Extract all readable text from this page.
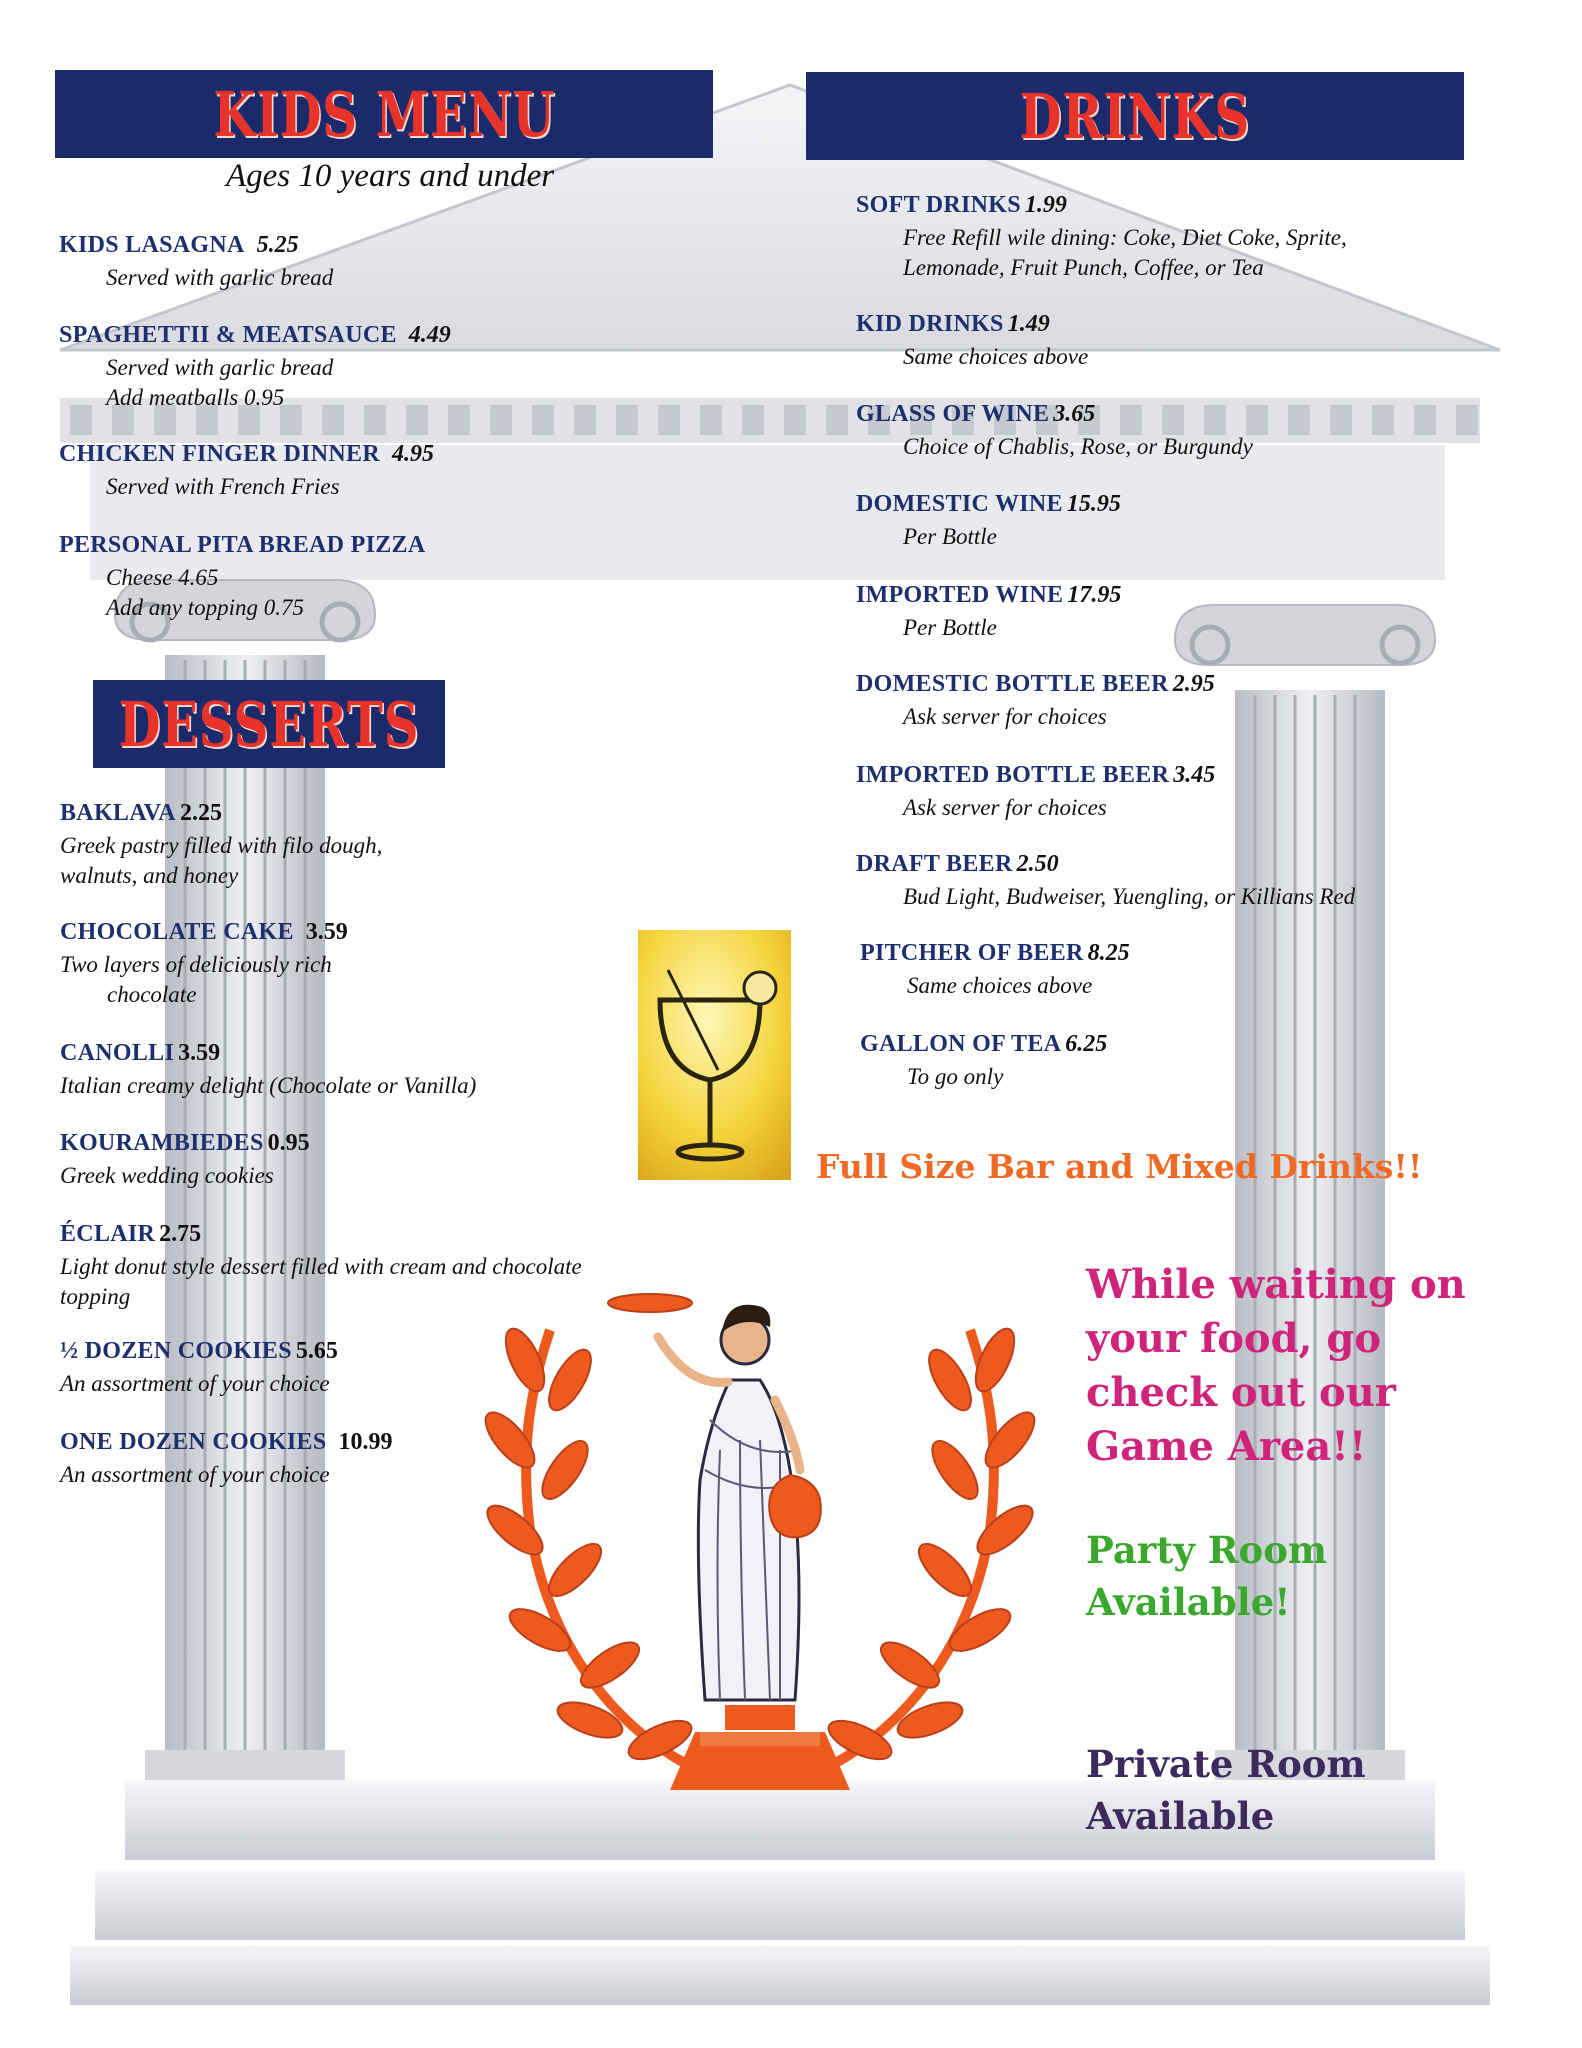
KIDS MENU
Ages 10 years and under
KIDS LASAGNA 5.25
Served with garlic bread
SPAGHETTII & MEATSAUCE 4.49
Served with garlic bread
Add meatballs 0.95
CHICKEN FINGER DINNER 4.95
Served with French Fries
PERSONAL PITA BREAD PIZZA
Cheese 4.65
Add any topping 0.75
DESSERTS
BAKLAVA 2.25
Greek pastry filled with filo dough,
walnuts, and honey
CHOCOLATE CAKE 3.59
Two layers of deliciously rich
chocolate
CANOLLI 3.59
Italian creamy delight (Chocolate or Vanilla)
KOURAMBIEDES 0.95
Greek wedding cookies
ÉCLAIR 2.75
Light donut style dessert filled with cream and chocolate
topping
½ DOZEN COOKIES 5.65
An assortment of your choice
ONE DOZEN COOKIES 10.99
An assortment of your choice
DRINKS
SOFT DRINKS 1.99
Free Refill wile dining: Coke, Diet Coke, Sprite,
Lemonade, Fruit Punch, Coffee, or Tea
KID DRINKS 1.49
Same choices above
GLASS OF WINE 3.65
Choice of Chablis, Rose, or Burgundy
DOMESTIC WINE 15.95
Per Bottle
IMPORTED WINE 17.95
Per Bottle
DOMESTIC BOTTLE BEER 2.95
Ask server for choices
IMPORTED BOTTLE BEER 3.45
Ask server for choices
DRAFT BEER 2.50
Bud Light, Budweiser, Yuengling, or Killians Red
PITCHER OF BEER 8.25
Same choices above
GALLON OF TEA 6.25
To go only
Full Size Bar and Mixed Drinks!!
While waiting on
your food, go
check out our
Game Area!!
Party Room
Available!
Private Room
Available
